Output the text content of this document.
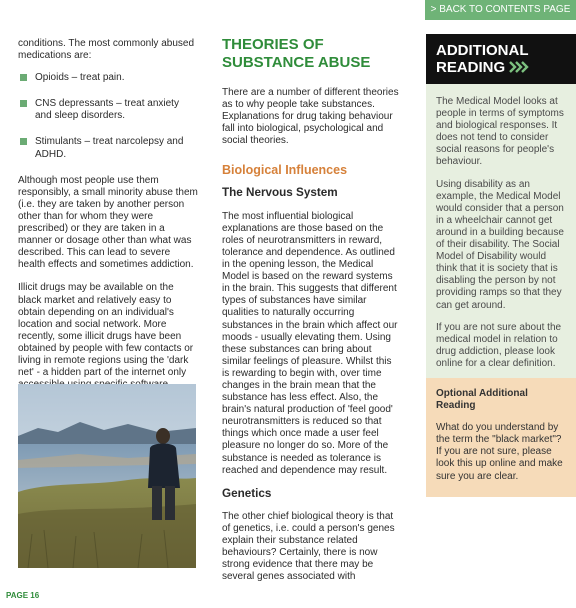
> BACK TO CONTENTS PAGE

conditions. The most commonly abused medications are:

Opioids – treat pain.
CNS depressants – treat anxiety and sleep disorders.
Stimulants – treat narcolepsy and ADHD.

Although most people use them responsibly, a small minority abuse them (i.e. they are taken by another person other than for whom they were prescribed) or they are taken in a manner or dosage other than what was described. This can lead to severe health effects and sometimes addiction.

Illicit drugs may be available on the black market and relatively easy to obtain depending on an individual's location and social network. More recently, some illicit drugs have been obtained by people with few contacts or living in remote regions using the 'dark net' - a hidden part of the internet only

THEORIES OF SUBSTANCE ABUSE

There are a number of different theories as to why people take substances. Explanations for drug taking behaviour fall into biological, psychological and social theories.

Biological Influences
The Nervous System

The most influential biological explanations are those based on the roles of neurotransmitters in reward, tolerance and dependence. As outlined in the opening lesson, the Medical Model is based on the reward systems in the brain. This suggests that different types of substances have similar qualities to naturally occurring substances in the brain which affect our moods - usually elevating them. Using these substances can bring about similar feelings of pleasure. Whilst this is rewarding to begin with, over time changes in the brain mean that the substance has less effect. Also, the brain's natural production of 'feel good' neurotransmitters is reduced so that things which once made a user feel pleasure no longer do so. More of the substance is needed as tolerance is reached and dependence may result.

Genetics

The other chief biological theory is that of genetics, i.e. could a person's genes explain their substance related behaviours? Certainly, there is now strong evidence that there may be several genes associated with

ADDITIONAL READING

The Medical Model looks at people in terms of symptoms and biological responses. It does not tend to consider social reasons for people's behaviour.

Using disability as an example, the Medical Model would consider that a person in a wheelchair cannot get around in a building because of their disability. The Social Model of Disability would think that it is society that is disabling the person by not providing ramps so that they can get around.

If you are not sure about the medical model in relation to drug addiction, please look online for a clear definition.

Optional Additional Reading

What do you understand by the term the "black market"? If you are not sure, please look this up online and make sure you are clear.

PAGE 16
